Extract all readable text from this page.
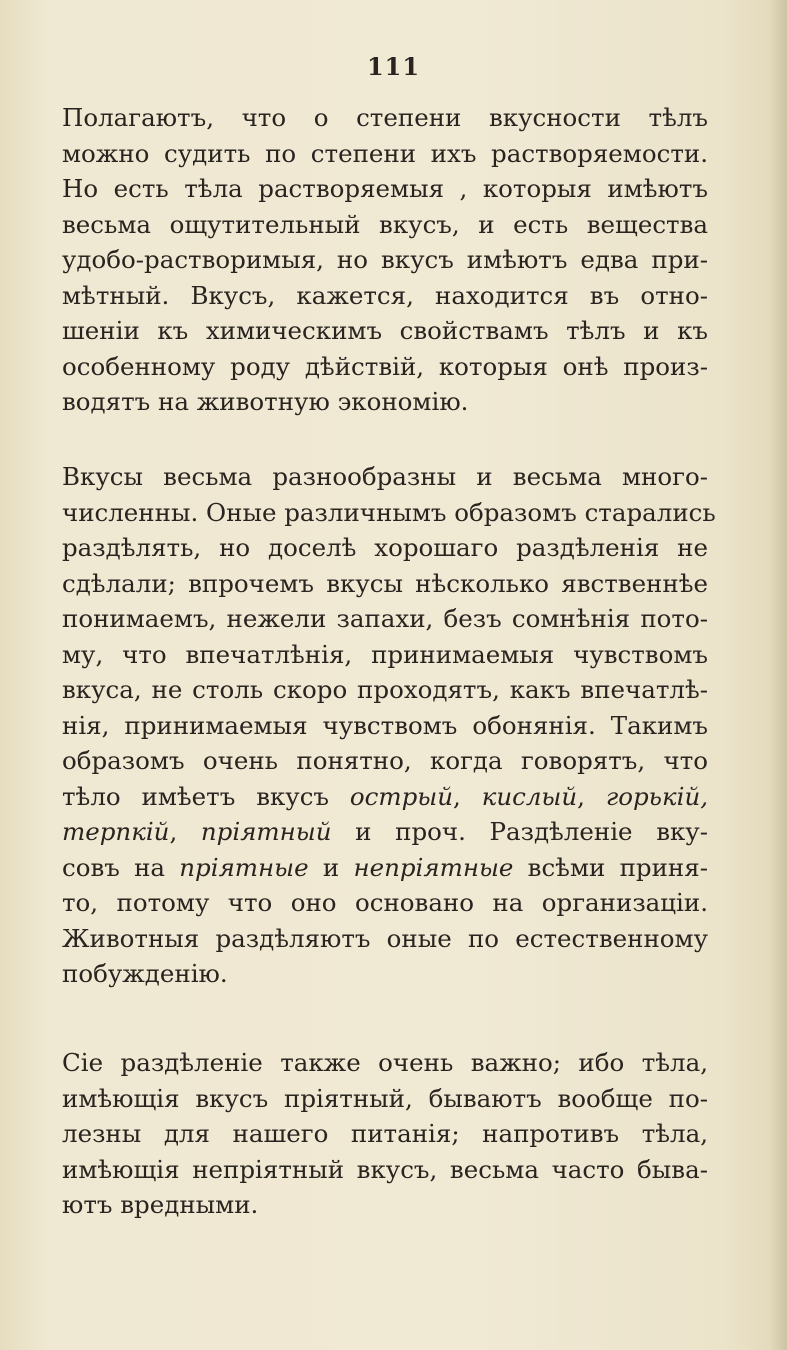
111
Полагаютъ, что о степени вкусности тѣлъ
можно судить по степени ихъ растворяемости.
Но есть тѣла растворяемыя , которыя имѣютъ
весьма ощутительный вкусъ, и есть вещества
удобо-растворимыя, но вкусъ имѣютъ едва при-
мѣтный. Вкусъ, кажется, находится въ отно-
шеніи къ химическимъ свойствамъ тѣлъ и къ
особенному роду дѣйствій, которыя онѣ произ-
водятъ на животную экономію.
Вкусы весьма разнообразны и весьма много-
численны. Оные различнымъ образомъ старались
раздѣлять, но доселѣ хорошаго раздѣленія не
сдѣлали; впрочемъ вкусы нѣсколько явственнѣе
понимаемъ, нежели запахи, безъ сомнѣнія пото-
му, что впечатлѣнія, принимаемыя чувствомъ
вкуса, не столь скоро проходятъ, какъ впечатлѣ-
нія, принимаемыя чувствомъ обонянія. Такимъ
образомъ очень понятно, когда говорятъ, что
тѣло имѣетъ вкусъ острый, кислый, горькій,
терпкій, пріятный и проч. Раздѣленіе вку-
совъ на пріятные и непріятные всѣми приня-
то, потому что оно основано на организаціи.
Животныя раздѣляютъ оные по естественному
побужденію.
Сіе раздѣленіе также очень важно; ибо тѣла,
имѣющія вкусъ пріятный, бываютъ вообще по-
лезны для нашего питанія; напротивъ тѣла,
имѣющія непріятный вкусъ, весьма часто быва-
ютъ вредными.
